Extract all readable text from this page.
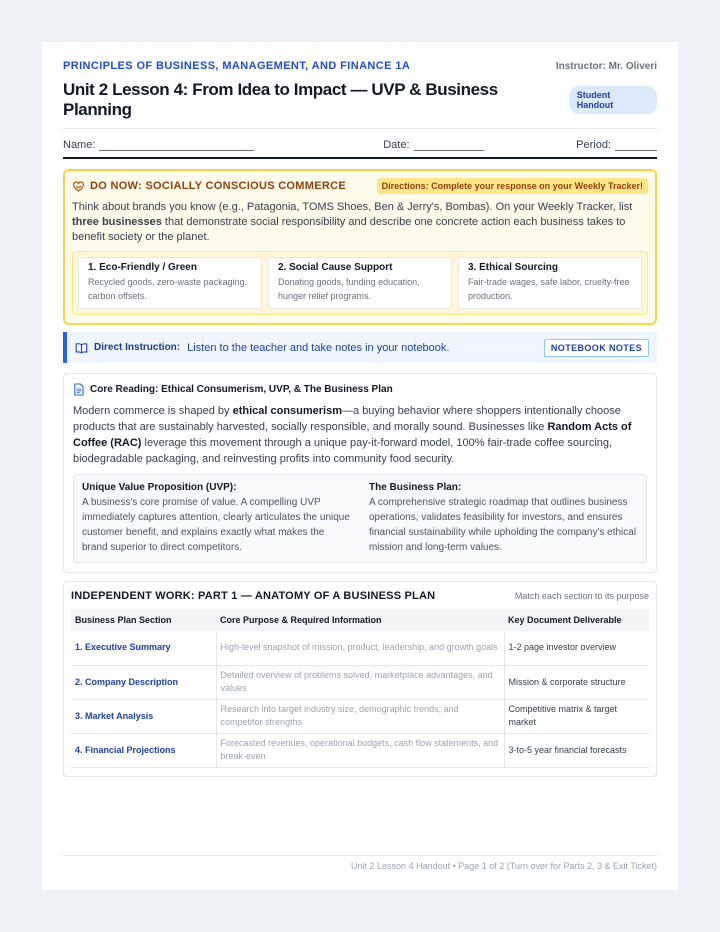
PRINCIPLES OF BUSINESS, MANAGEMENT, AND FINANCE 1A	Instructor: Mr. Oliveri
Unit 2 Lesson 4: From Idea to Impact — UVP & Business Planning
Student Handout
Name:	Date:	Period:
DO NOW: SOCIALLY CONSCIOUS COMMERCE	Directions: Complete your response on your Weekly Tracker!
Think about brands you know (e.g., Patagonia, TOMS Shoes, Ben & Jerry's, Bombas). On your Weekly Tracker, list three businesses that demonstrate social responsibility and describe one concrete action each business takes to benefit society or the planet.
1. Eco-Friendly / Green
Recycled goods, zero-waste packaging, carbon offsets.
2. Social Cause Support
Donating goods, funding education, hunger relief programs.
3. Ethical Sourcing
Fair-trade wages, safe labor, cruelty-free production.
Direct Instruction: Listen to the teacher and take notes in your notebook.	NOTEBOOK NOTES
Core Reading: Ethical Consumerism, UVP, & The Business Plan
Modern commerce is shaped by ethical consumerism—a buying behavior where shoppers intentionally choose products that are sustainably harvested, socially responsible, and morally sound. Businesses like Random Acts of Coffee (RAC) leverage this movement through a unique pay-it-forward model, 100% fair-trade coffee sourcing, biodegradable packaging, and reinvesting profits into community food security.
Unique Value Proposition (UVP):
A business's core promise of value. A compelling UVP immediately captures attention, clearly articulates the unique customer benefit, and explains exactly what makes the brand superior to direct competitors.
The Business Plan:
A comprehensive strategic roadmap that outlines business operations, validates feasibility for investors, and ensures financial sustainability while upholding the company's ethical mission and long-term values.
INDEPENDENT WORK: PART 1 — ANATOMY OF A BUSINESS PLAN	Match each section to its purpose
Business Plan Section	Core Purpose & Required Information	Key Document Deliverable
1. Executive Summary	High-level snapshot of mission, product, leadership, and growth goals	1-2 page investor overview
2. Company Description	Detailed overview of problems solved, marketplace advantages, and values	Mission & corporate structure
3. Market Analysis	Research into target industry size, demographic trends, and competitor strengths	Competitive matrix & target market
4. Financial Projections	Forecasted revenues, operational budgets, cash flow statements, and break-even	3-to-5 year financial forecasts
Unit 2 Lesson 4 Handout • Page 1 of 2 (Turn over for Parts 2, 3 & Exit Ticket)
